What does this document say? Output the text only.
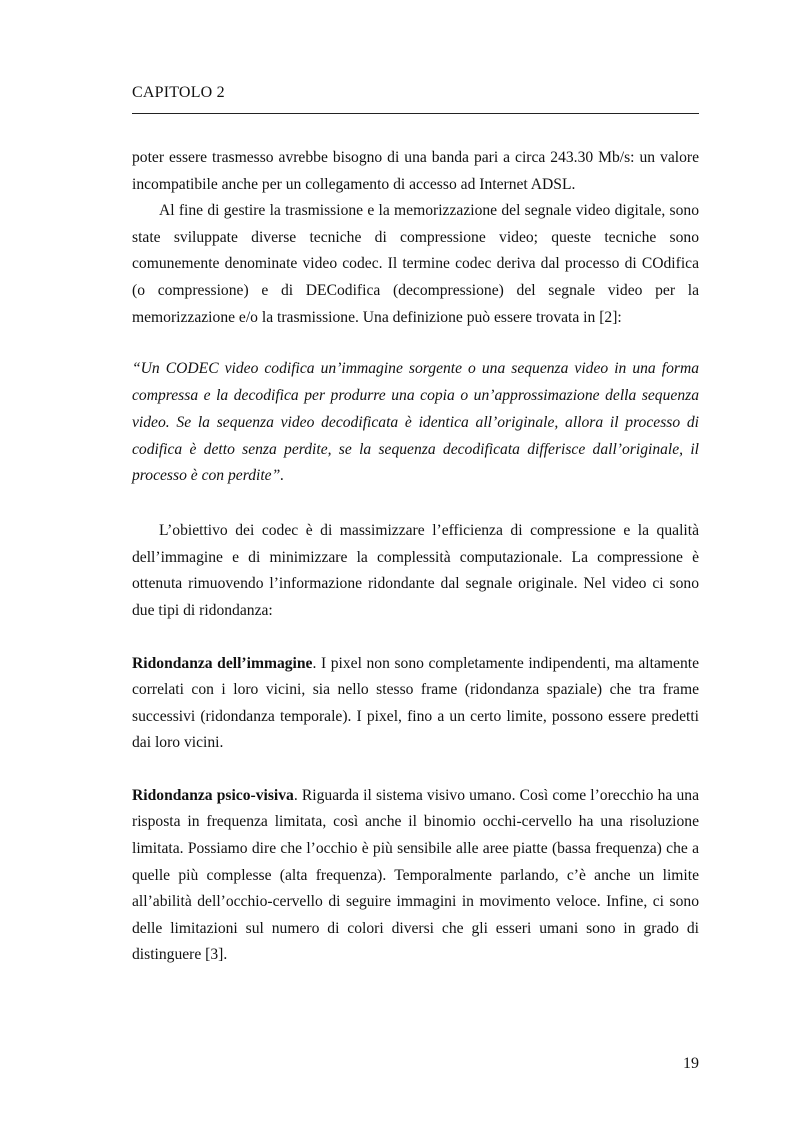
CAPITOLO 2

poter essere trasmesso avrebbe bisogno di una banda pari a circa 243.30 Mb/s: un valore incompatibile anche per un collegamento di accesso ad Internet ADSL.

Al fine di gestire la trasmissione e la memorizzazione del segnale video digitale, sono state sviluppate diverse tecniche di compressione video; queste tecniche sono comunemente denominate video codec. Il termine codec deriva dal processo di COdifica (o compressione) e di DECodifica (decompressione) del segnale video per la memorizzazione e/o la trasmissione. Una definizione può essere trovata in [2]:

“Un CODEC video codifica un’immagine sorgente o una sequenza video in una forma compressa e la decodifica per produrre una copia o un’approssimazione della sequenza video. Se la sequenza video decodificata è identica all’originale, allora il processo di codifica è detto senza perdite, se la sequenza decodificata differisce dall’originale, il processo è con perdite”.

L’obiettivo dei codec è di massimizzare l’efficienza di compressione e la qualità dell’immagine e di minimizzare la complessità computazionale. La compressione è ottenuta rimuovendo l’informazione ridondante dal segnale originale. Nel video ci sono due tipi di ridondanza:

Ridondanza dell’immagine. I pixel non sono completamente indipendenti, ma altamente correlati con i loro vicini, sia nello stesso frame (ridondanza spaziale) che tra frame successivi (ridondanza temporale). I pixel, fino a un certo limite, possono essere predetti dai loro vicini.

Ridondanza psico-visiva. Riguarda il sistema visivo umano. Così come l’orecchio ha una risposta in frequenza limitata, così anche il binomio occhi-cervello ha una risoluzione limitata. Possiamo dire che l’occhio è più sensibile alle aree piatte (bassa frequenza) che a quelle più complesse (alta frequenza). Temporalmente parlando, c’è anche un limite all’abilità dell’occhio-cervello di seguire immagini in movimento veloce. Infine, ci sono delle limitazioni sul numero di colori diversi che gli esseri umani sono in grado di distinguere [3].

19
